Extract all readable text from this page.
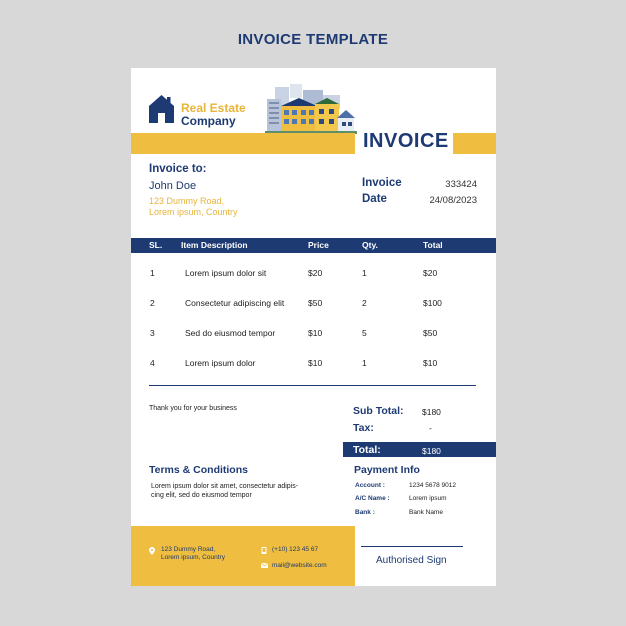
INVOICE TEMPLATE
Real Estate
Company
INVOICE
Invoice to:
John Doe
123 Dummy Road,
Lorem ipsum, Country
Invoice	333424
Date	24/08/2023
SL. Item Description	Price	Qty.	Total
1	Lorem ipsum dolor sit	$20	1	$20
2	Consectetur adipiscing elit	$50	2	$100
3	Sed do eiusmod tempor	$10	5	$50
4	Lorem ipsum dolor	$10	1	$10
Thank you for your business	Sub Total: $180
Tax:	-
Total:	$180
Terms & Conditions
Lorem ipsum dolor sit amet, consectetur adipis-
cing elit, sed do eiusmod tempor
Payment Info
Account :	1234 5678 9012
A/C Name :	Lorem ipsum
Bank :	Bank Name
123 Dummy Road,
Lorem ipsum, Country
(+10) 123 45 67
mail@website.com	Authorised Sign
